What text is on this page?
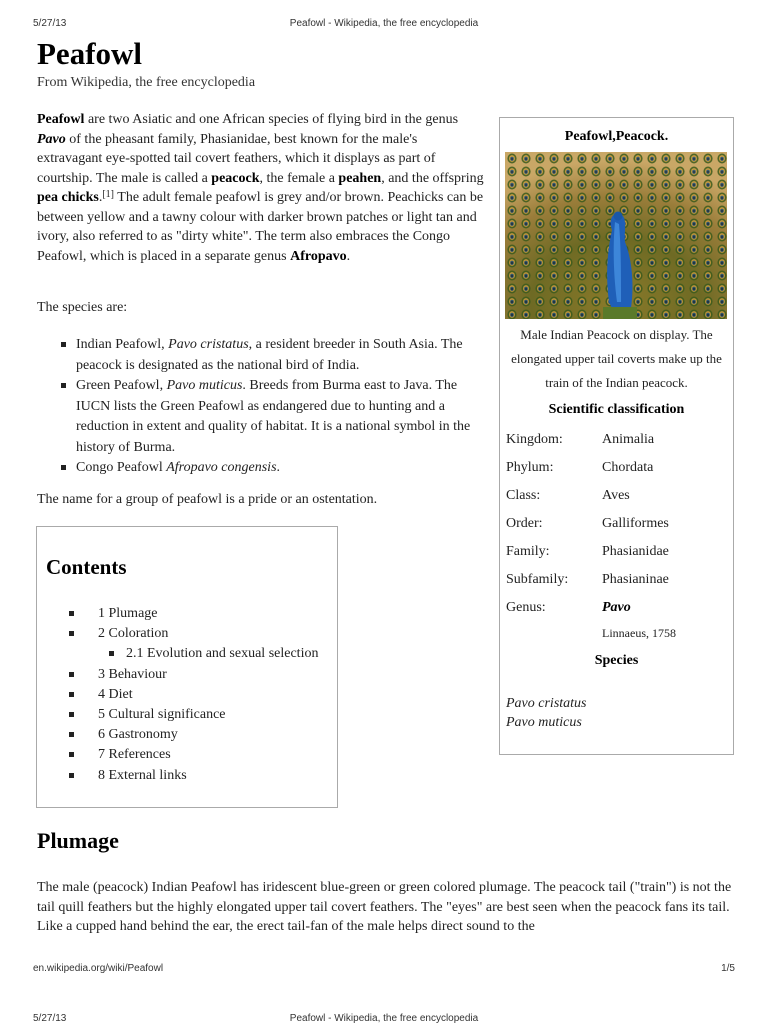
5/27/13	Peafowl - Wikipedia, the free encyclopedia
Peafowl
From Wikipedia, the free encyclopedia

Peafowl are two Asiatic and one African species of flying bird in the genus Pavo of the pheasant family, Phasianidae, best known for the male's extravagant eye-spotted tail covert feathers, which it displays as part of courtship. The male is called a peacock, the female a peahen, and the offspring pea chicks.[1] The adult female peafowl is grey and/or brown. Peachicks can be between yellow and a tawny colour with darker brown patches or light tan and ivory, also referred to as "dirty white". The term also embraces the Congo Peafowl, which is placed in a separate genus Afropavo.

The species are:

Indian Peafowl, Pavo cristatus, a resident breeder in South Asia. The peacock is designated as the national bird of India.
Green Peafowl, Pavo muticus. Breeds from Burma east to Java. The IUCN lists the Green Peafowl as endangered due to hunting and a reduction in extent and quality of habitat. It is a national symbol in the history of Burma.
Congo Peafowl Afropavo congensis.

The name for a group of peafowl is a pride or an ostentation.

Contents
1 Plumage
2 Coloration
2.1 Evolution and sexual selection
3 Behaviour
4 Diet
5 Cultural significance
6 Gastronomy
7 References
8 External links
Peafowl,Peacock.
Male Indian Peacock on display. The elongated upper tail coverts make up the train of the Indian peacock.
Scientific classification
Kingdom:	Animalia
Phylum:	Chordata
Class:	Aves
Order:	Galliformes
Family:	Phasianidae
Subfamily: Phasianinae
Genus:	Pavo
Linnaeus, 1758
Species
Pavo cristatus
Pavo muticus
Plumage

The male (peacock) Indian Peafowl has iridescent blue-green or green colored plumage. The peacock tail ("train") is not the tail quill feathers but the highly elongated upper tail covert feathers. The "eyes" are best seen when the peacock fans its tail. Like a cupped hand behind the ear, the erect tail-fan of the male helps direct sound to the

en.wikipedia.org/wiki/Peafowl	1/5
5/27/13	Peafowl - Wikipedia, the free encyclopedia
